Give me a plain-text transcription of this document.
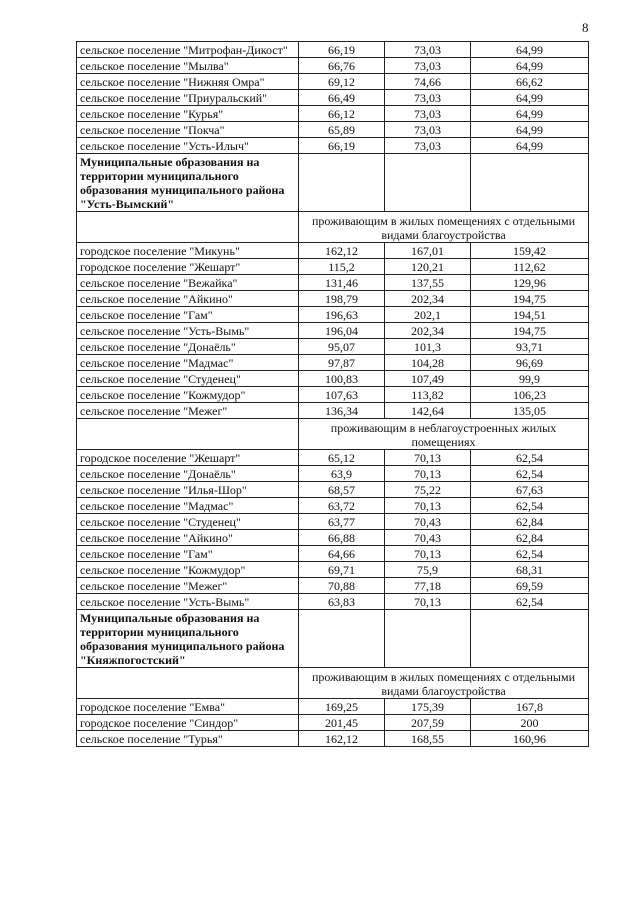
8
сельское поселение "Митрофан-Дикост"	66,19	73,03	64,99
сельское поселение "Мылва"	66,76	73,03	64,99
сельское поселение "Нижняя Омра"	69,12	74,66	66,62
сельское поселение "Приуральский"	66,49	73,03	64,99
сельское поселение "Курья"	66,12	73,03	64,99
сельское поселение "Покча"	65,89	73,03	64,99
сельское поселение "Усть-Илыч"	66,19	73,03	64,99
Муниципальные образования на территории муниципального образования муниципального района "Усть-Вымский"			
	проживающим в жилых помещениях с отдельными видами благоустройства		
городское поселение "Микунь"	162,12	167,01	159,42
городское поселение "Жешарт"	115,2	120,21	112,62
сельское поселение "Вежайка"	131,46	137,55	129,96
сельское поселение "Айкино"	198,79	202,34	194,75
сельское поселение "Гам"	196,63	202,1	194,51
сельское поселение "Усть-Вымь"	196,04	202,34	194,75
сельское поселение "Донаёль"	95,07	101,3	93,71
сельское поселение "Мадмас"	97,87	104,28	96,69
сельское поселение "Студенец"	100,83	107,49	99,9
сельское поселение "Кожмудор"	107,63	113,82	106,23
сельское поселение "Межег"	136,34	142,64	135,05
	проживающим в неблагоустроенных жилых помещениях		
городское поселение "Жешарт"	65,12	70,13	62,54
сельское поселение "Донаёль"	63,9	70,13	62,54
сельское поселение "Илья-Шор"	68,57	75,22	67,63
сельское поселение "Мадмас"	63,72	70,13	62,54
сельское поселение "Студенец"	63,77	70,43	62,84
сельское поселение "Айкино"	66,88	70,43	62,84
сельское поселение "Гам"	64,66	70,13	62,54
сельское поселение "Кожмудор"	69,71	75,9	68,31
сельское поселение "Межег"	70,88	77,18	69,59
сельское поселение "Усть-Вымь"	63,83	70,13	62,54
Муниципальные образования на территории муниципального образования муниципального района "Княжпогостский"			
	проживающим в жилых помещениях с отдельными видами благоустройства		
городское поселение "Емва"	169,25	175,39	167,8
городское поселение "Синдор"	201,45	207,59	200
сельское поселение "Турья"	162,12	168,55	160,96
